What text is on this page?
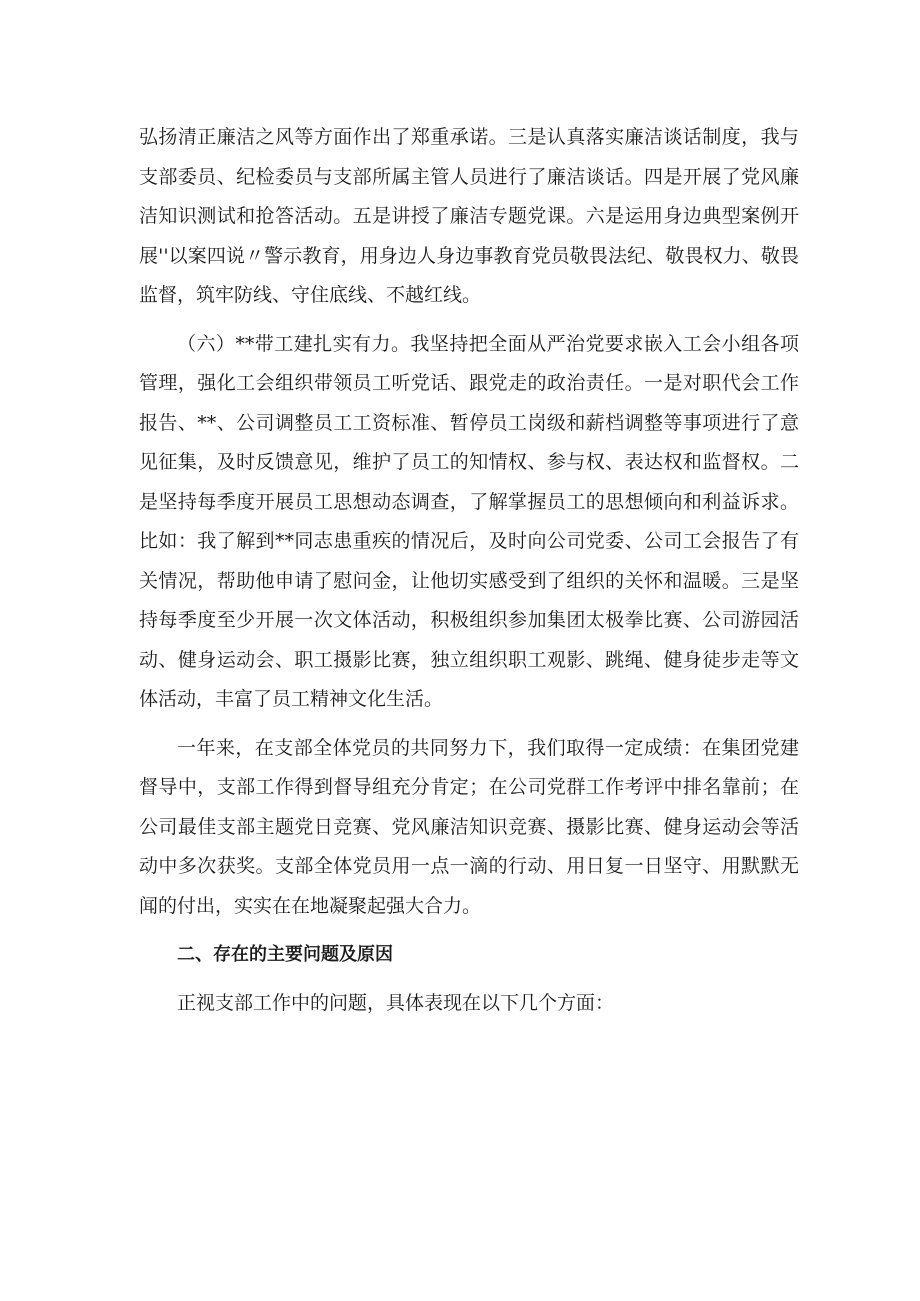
弘扬清正廉洁之风等方面作出了郑重承诺。三是认真落实廉洁谈话制度，我与支部委员、纪检委员与支部所属主管人员进行了廉洁谈话。四是开展了党风廉洁知识测试和抢答活动。五是讲授了廉洁专题党课。六是运用身边典型案例开展''以案四说〃警示教育，用身边人身边事教育党员敬畏法纪、敬畏权力、敬畏监督，筑牢防线、守住底线、不越红线。

（六）**带工建扎实有力。我坚持把全面从严治党要求嵌入工会小组各项管理，强化工会组织带领员工听党话、跟党走的政治责任。一是对职代会工作报告、**、公司调整员工工资标准、暂停员工岗级和薪档调整等事项进行了意见征集，及时反馈意见，维护了员工的知情权、参与权、表达权和监督权。二是坚持每季度开展员工思想动态调查，了解掌握员工的思想倾向和利益诉求。比如：我了解到**同志患重疾的情况后，及时向公司党委、公司工会报告了有关情况，帮助他申请了慰问金，让他切实感受到了组织的关怀和温暖。三是坚持每季度至少开展一次文体活动，积极组织参加集团太极拳比赛、公司游园活动、健身运动会、职工摄影比赛，独立组织职工观影、跳绳、健身徒步走等文体活动，丰富了员工精神文化生活。

一年来，在支部全体党员的共同努力下，我们取得一定成绩：在集团党建督导中，支部工作得到督导组充分肯定；在公司党群工作考评中排名靠前；在公司最佳支部主题党日竞赛、党风廉洁知识竞赛、摄影比赛、健身运动会等活动中多次获奖。支部全体党员用一点一滴的行动、用日复一日坚守、用默默无闻的付出，实实在在地凝聚起强大合力。

二、存在的主要问题及原因

正视支部工作中的问题，具体表现在以下几个方面：
